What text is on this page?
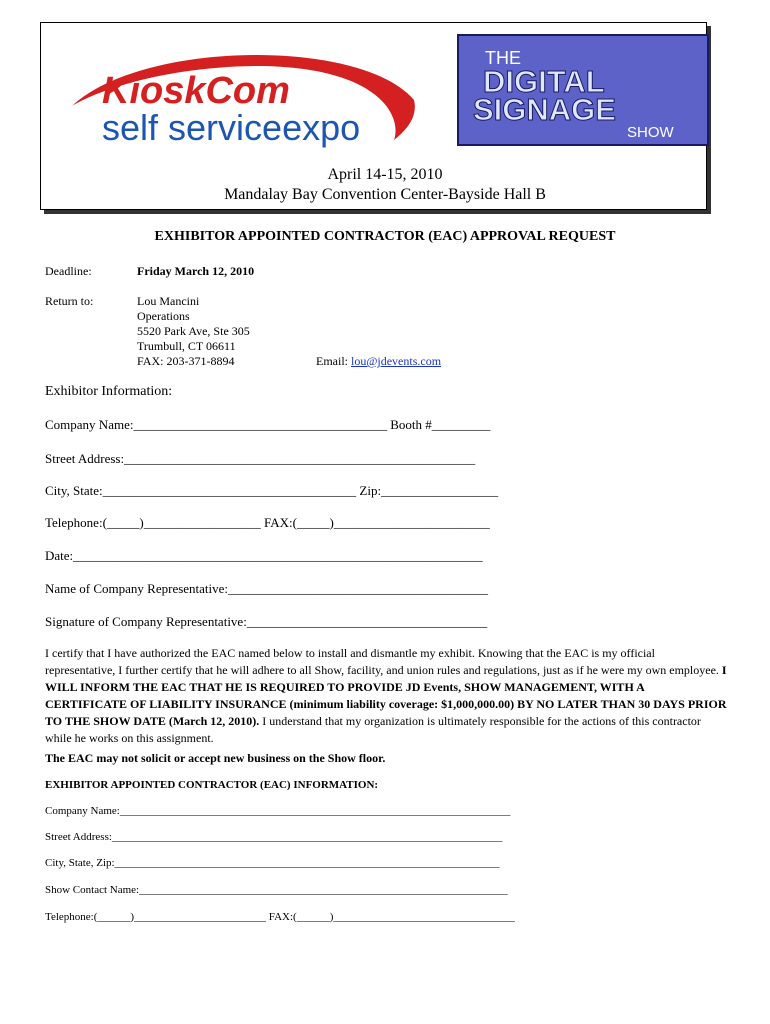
KioskCom
self serviceexpo
THE
DIGITAL
SIGNAGE
SHOW
April 14-15, 2010
Mandalay Bay Convention Center-Bayside Hall B
EXHIBITOR APPOINTED CONTRACTOR (EAC) APPROVAL REQUEST
Deadline:	Friday March 12, 2010
Return to:	Lou Mancini
Operations
5520 Park Ave, Ste 305
Trumbull, CT 06611
FAX: 203-371-8894	Email: lou@jdevents.com
Exhibitor Information:
Company Name:_______________________________________ Booth #_________
Street Address:______________________________________________________
City, State:_______________________________________ Zip:__________________
Telephone:(_____)__________________ FAX:(_____)________________________
Date:_______________________________________________________________
Name of Company Representative:________________________________________
Signature of Company Representative:_____________________________________
I certify that I have authorized the EAC named below to install and dismantle my exhibit. Knowing that the EAC is my official representative, I further certify that he will adhere to all Show, facility, and union rules and regulations, just as if he were my own employee. I WILL INFORM THE EAC THAT HE IS REQUIRED TO PROVIDE JD Events, SHOW MANAGEMENT, WITH A CERTIFICATE OF LIABILITY INSURANCE (minimum liability coverage: $1,000,000.00) BY NO LATER THAN 30 DAYS PRIOR TO THE SHOW DATE (March 12, 2010). I understand that my organization is ultimately responsible for the actions of this contractor while he works on this assignment.
The EAC may not solicit or accept new business on the Show floor.
EXHIBITOR APPOINTED CONTRACTOR (EAC) INFORMATION:
Company Name:_______________________________________________________________________
Street Address:_______________________________________________________________________
City, State, Zip:______________________________________________________________________
Show Contact Name:___________________________________________________________________
Telephone:(______)________________________ FAX:(______)_________________________________
